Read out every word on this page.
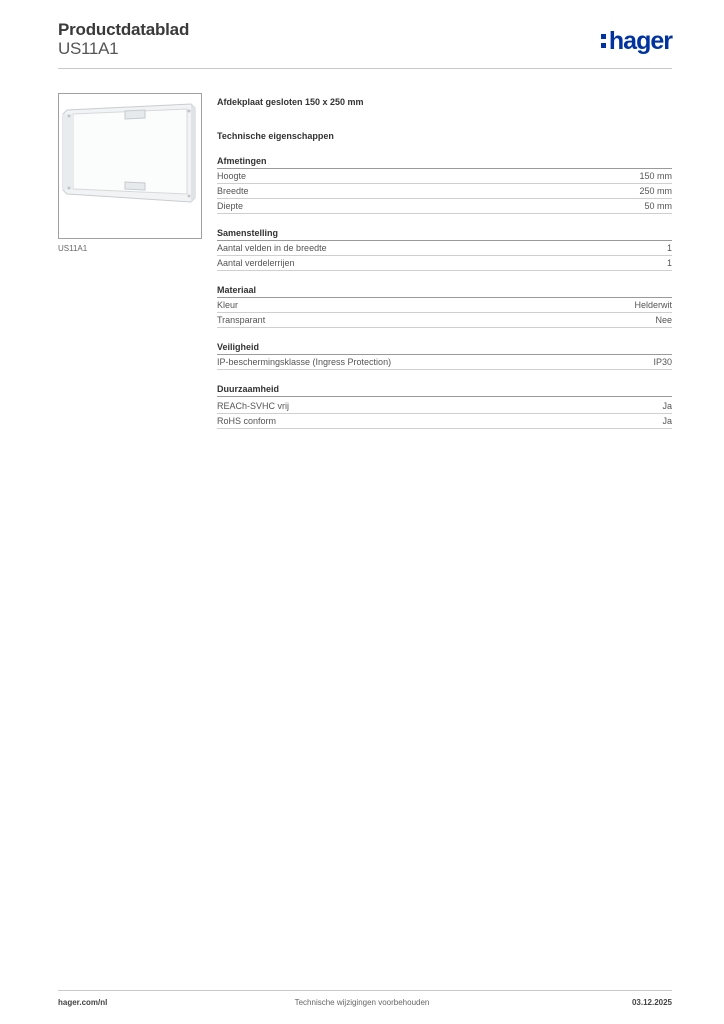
Productdatablad
US11A1	hager
US11A1
Afdekplaat gesloten 150 x 250 mm
Technische eigenschappen
Afmetingen
Hoogte	150 mm
Breedte	250 mm
Diepte	50 mm
Samenstelling
Aantal velden in de breedte	1
Aantal verdelerrijen	1
Materiaal
Kleur	Helderwit
Transparant	Nee
Veiligheid
IP-beschermingsklasse (Ingress Protection)	IP30
Duurzaamheid
REACh-SVHC vrij	Ja
RoHS conform	Ja
hager.com/nl	Technische wijzigingen voorbehouden	03.12.2025
